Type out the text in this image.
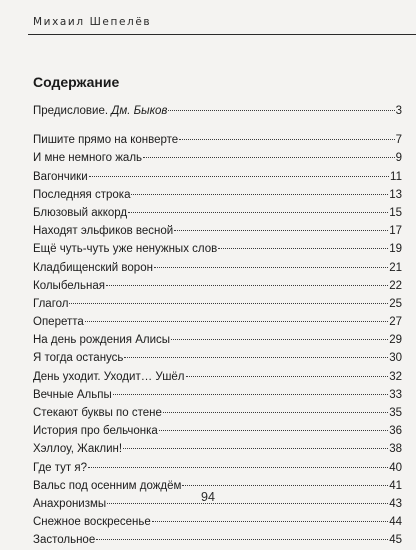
Михаил Шепелёв
Содержание
Предисловие. Дм. Быков	3
Пишите прямо на конверте	7
И мне немного жаль	9
Вагончики	11
Последняя строка	13
Блюзовый аккорд	15
Находят эльфиков весной	17
Ещё чуть-чуть уже ненужных слов	19
Кладбищенский ворон	21
Колыбельная	22
Глагол	25
Оперетта	27
На день рождения Алисы	29
Я тогда останусь	30
День уходит. Уходит… Ушёл	32
Вечные Альпы	33
Стекают буквы по стене	35
История про бельчонка	36
Хэллоу, Жаклин!	38
Где тут я?	40
Вальс под осенним дождём	41
Анахронизмы	43
Снежное воскресенье	44
Застольное	45
94
